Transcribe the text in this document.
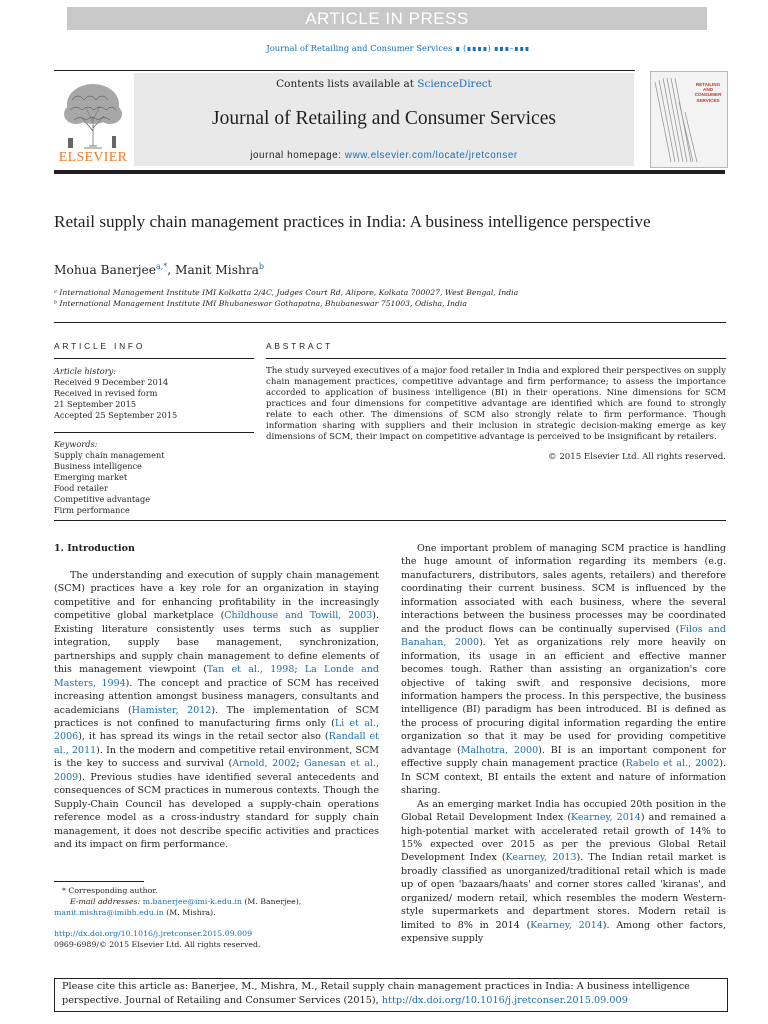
ARTICLE IN PRESS
Journal of Retailing and Consumer Services ∎ (∎∎∎∎) ∎∎∎–∎∎∎
ELSEVIER
Contents lists available at ScienceDirect
Journal of Retailing and Consumer Services
journal homepage: www.elsevier.com/locate/jretconser
RETAILING AND CONSUMER SERVICES
Retail supply chain management practices in India: A business intelligence perspective
Mohua Banerjee$^{a,*}$, Manit Mishra$^b$
ᵃ International Management Institute IMI Kolkatta 2/4C, Judges Court Rd, Alipore, Kolkata 700027, West Bengal, India
ᵇ International Management Institute IMI Bhubaneswar Gothapatna, Bhubaneswar 751003, Odisha, India
ARTICLE INFO	ABSTRACT
Article history:
Received 9 December 2014
Received in revised form
21 September 2015
Accepted 25 September 2015
Keywords:
Supply chain management
Business intelligence
Emerging market
Food retailer
Competitive advantage
Firm performance
The study surveyed executives of a major food retailer in India and explored their perspectives on supply chain management practices, competitive advantage and firm performance; to assess the importance accorded to application of business intelligence (BI) in their operations. Nine dimensions for SCM practices and four dimensions for competitive advantage are identified which are found to strongly relate to each other. The dimensions of SCM also strongly relate to firm performance. Though information sharing with suppliers and their inclusion in strategic decision-making emerge as key dimensions of SCM, their impact on competitive advantage is perceived to be insignificant by retailers.
© 2015 Elsevier Ltd. All rights reserved.
1. Introduction

The understanding and execution of supply chain management (SCM) practices have a key role for an organization in staying competitive and for enhancing profitability in the increasingly competitive global marketplace (Childhouse and Towill, 2003). Existing literature consistently uses terms such as supplier integration, supply base management, synchronization, partnerships and supply chain management to define elements of this management viewpoint (Tan et al., 1998; La Londe and Masters, 1994). The concept and practice of SCM has received increasing attention amongst business managers, consultants and academicians (Hamister, 2012). The implementation of SCM practices is not confined to manufacturing firms only (Li et al., 2006), it has spread its wings in the retail sector also (Randall et al., 2011). In the modern and competitive retail environment, SCM is the key to success and survival (Arnold, 2002; Ganesan et al., 2009). Previous studies have identified several antecedents and consequences of SCM practices in numerous contexts. Though the Supply-Chain Council has developed a supply-chain operations reference model as a cross-industry standard for supply chain management, it does not describe specific activities and practices and its impact on firm performance.

One important problem of managing SCM practice is handling the huge amount of information regarding its members (e.g. manufacturers, distributors, sales agents, retailers) and therefore coordinating their current business. SCM is influenced by the information associated with each business, where the several interactions between the business processes may be coordinated and the product flows can be continually supervised (Filos and Banahan, 2000). Yet as organizations rely more heavily on information, its usage in an efficient and effective manner becomes tough. Rather than assisting an organization's core objective of taking swift and responsive decisions, more information hampers the process. In this perspective, the business intelligence (BI) paradigm has been introduced. BI is defined as the process of procuring digital information regarding the entire organization so that it may be used for providing competitive advantage (Malhotra, 2000). BI is an important component for effective supply chain management practice (Rabelo et al., 2002). In SCM context, BI entails the extent and nature of information sharing.

As an emerging market India has occupied 20th position in the Global Retail Development Index (Kearney, 2014) and remained a high-potential market with accelerated retail growth of 14% to 15% expected over 2015 as per the previous Global Retail Development Index (Kearney, 2013). The Indian retail market is broadly classified as unorganized/traditional retail which is made up of open 'bazaars/haats' and corner stores called 'kiranas', and organized/ modern retail, which resembles the modern Western-style supermarkets and department stores. Modern retail is limited to 8% in 2014 (Kearney, 2014). Among other factors, expensive supply

* Corresponding author.
E-mail addresses: m.banerjee@imi-k.edu.in (M. Banerjee),
manit.mishra@imibh.edu.in (M. Mishra).
http://dx.doi.org/10.1016/j.jretconser.2015.09.009
0969-6989/© 2015 Elsevier Ltd. All rights reserved.
Please cite this article as: Banerjee, M., Mishra, M., Retail supply chain management practices in India: A business intelligence perspective. Journal of Retailing and Consumer Services (2015), http://dx.doi.org/10.1016/j.jretconser.2015.09.009
